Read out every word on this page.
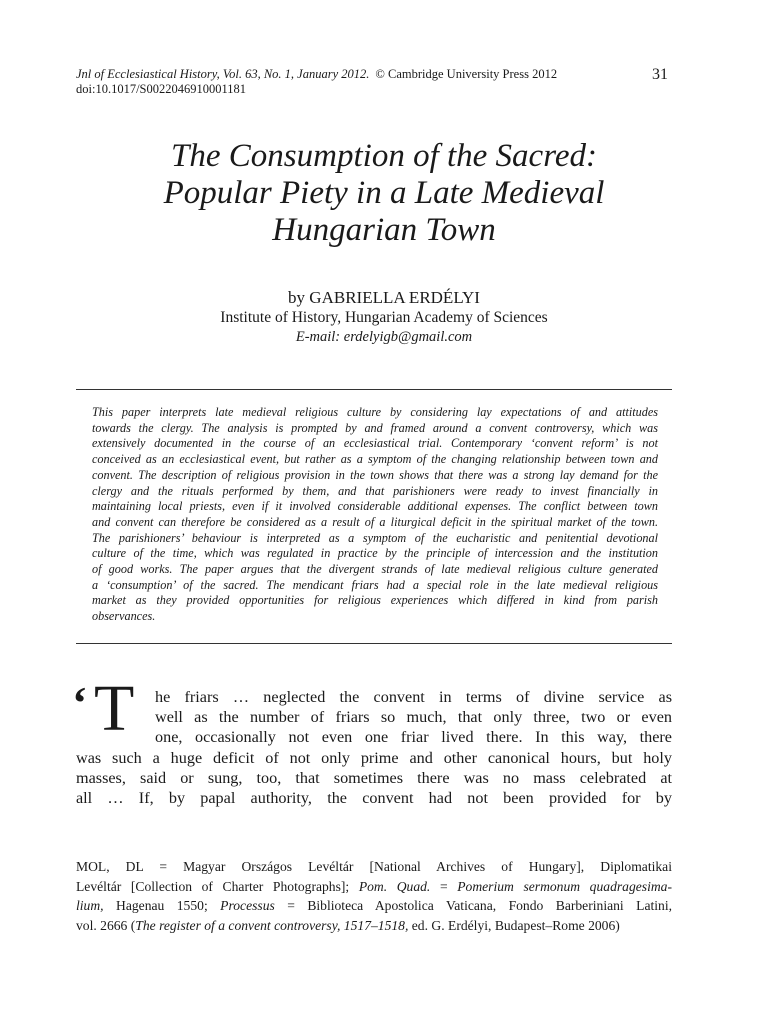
Jnl of Ecclesiastical History, Vol. 63, No. 1, January 2012. © Cambridge University Press 2012
doi:10.1017/S0022046910001181
31
The Consumption of the Sacred:
Popular Piety in a Late Medieval
Hungarian Town
by GABRIELLA ERDÉLYI
Institute of History, Hungarian Academy of Sciences
E-mail: erdelyigb@gmail.com
This paper interprets late medieval religious culture by considering lay expectations of and attitudes
towards the clergy. The analysis is prompted by and framed around a convent controversy, which was
extensively documented in the course of an ecclesiastical trial. Contemporary ‘convent reform’ is not
conceived as an ecclesiastical event, but rather as a symptom of the changing relationship between town and
convent. The description of religious provision in the town shows that there was a strong lay demand for the
clergy and the rituals performed by them, and that parishioners were ready to invest financially in
maintaining local priests, even if it involved considerable additional expenses. The conflict between town
and convent can therefore be considered as a result of a liturgical deficit in the spiritual market of the town.
The parishioners’ behaviour is interpreted as a symptom of the eucharistic and penitential devotional
culture of the time, which was regulated in practice by the principle of intercession and the institution
of good works. The paper argues that the divergent strands of late medieval religious culture generated
a ‘consumption’ of the sacred. The mendicant friars had a special role in the late medieval religious
market as they provided opportunities for religious experiences which differed in kind from parish
observances.
‘ T	he friars … neglected the convent in terms of divine service as
well as the number of friars so much, that only three, two or even
one, occasionally not even one friar lived there. In this way, there
was such a huge deficit of not only prime and other canonical hours, but holy
masses, said or sung, too, that sometimes there was no mass celebrated at
all … If, by papal authority, the convent had not been provided for by
MOL, DL = Magyar Országos Levéltár [National Archives of Hungary], Diplomatikai
Levéltár [Collection of Charter Photographs]; Pom. Quad. = Pomerium sermonum quadragesima-
lium, Hagenau 1550; Processus = Biblioteca Apostolica Vaticana, Fondo Barberiniani Latini,
vol. 2666 (The register of a convent controversy, 1517–1518, ed. G. Erdélyi, Budapest–Rome 2006)
